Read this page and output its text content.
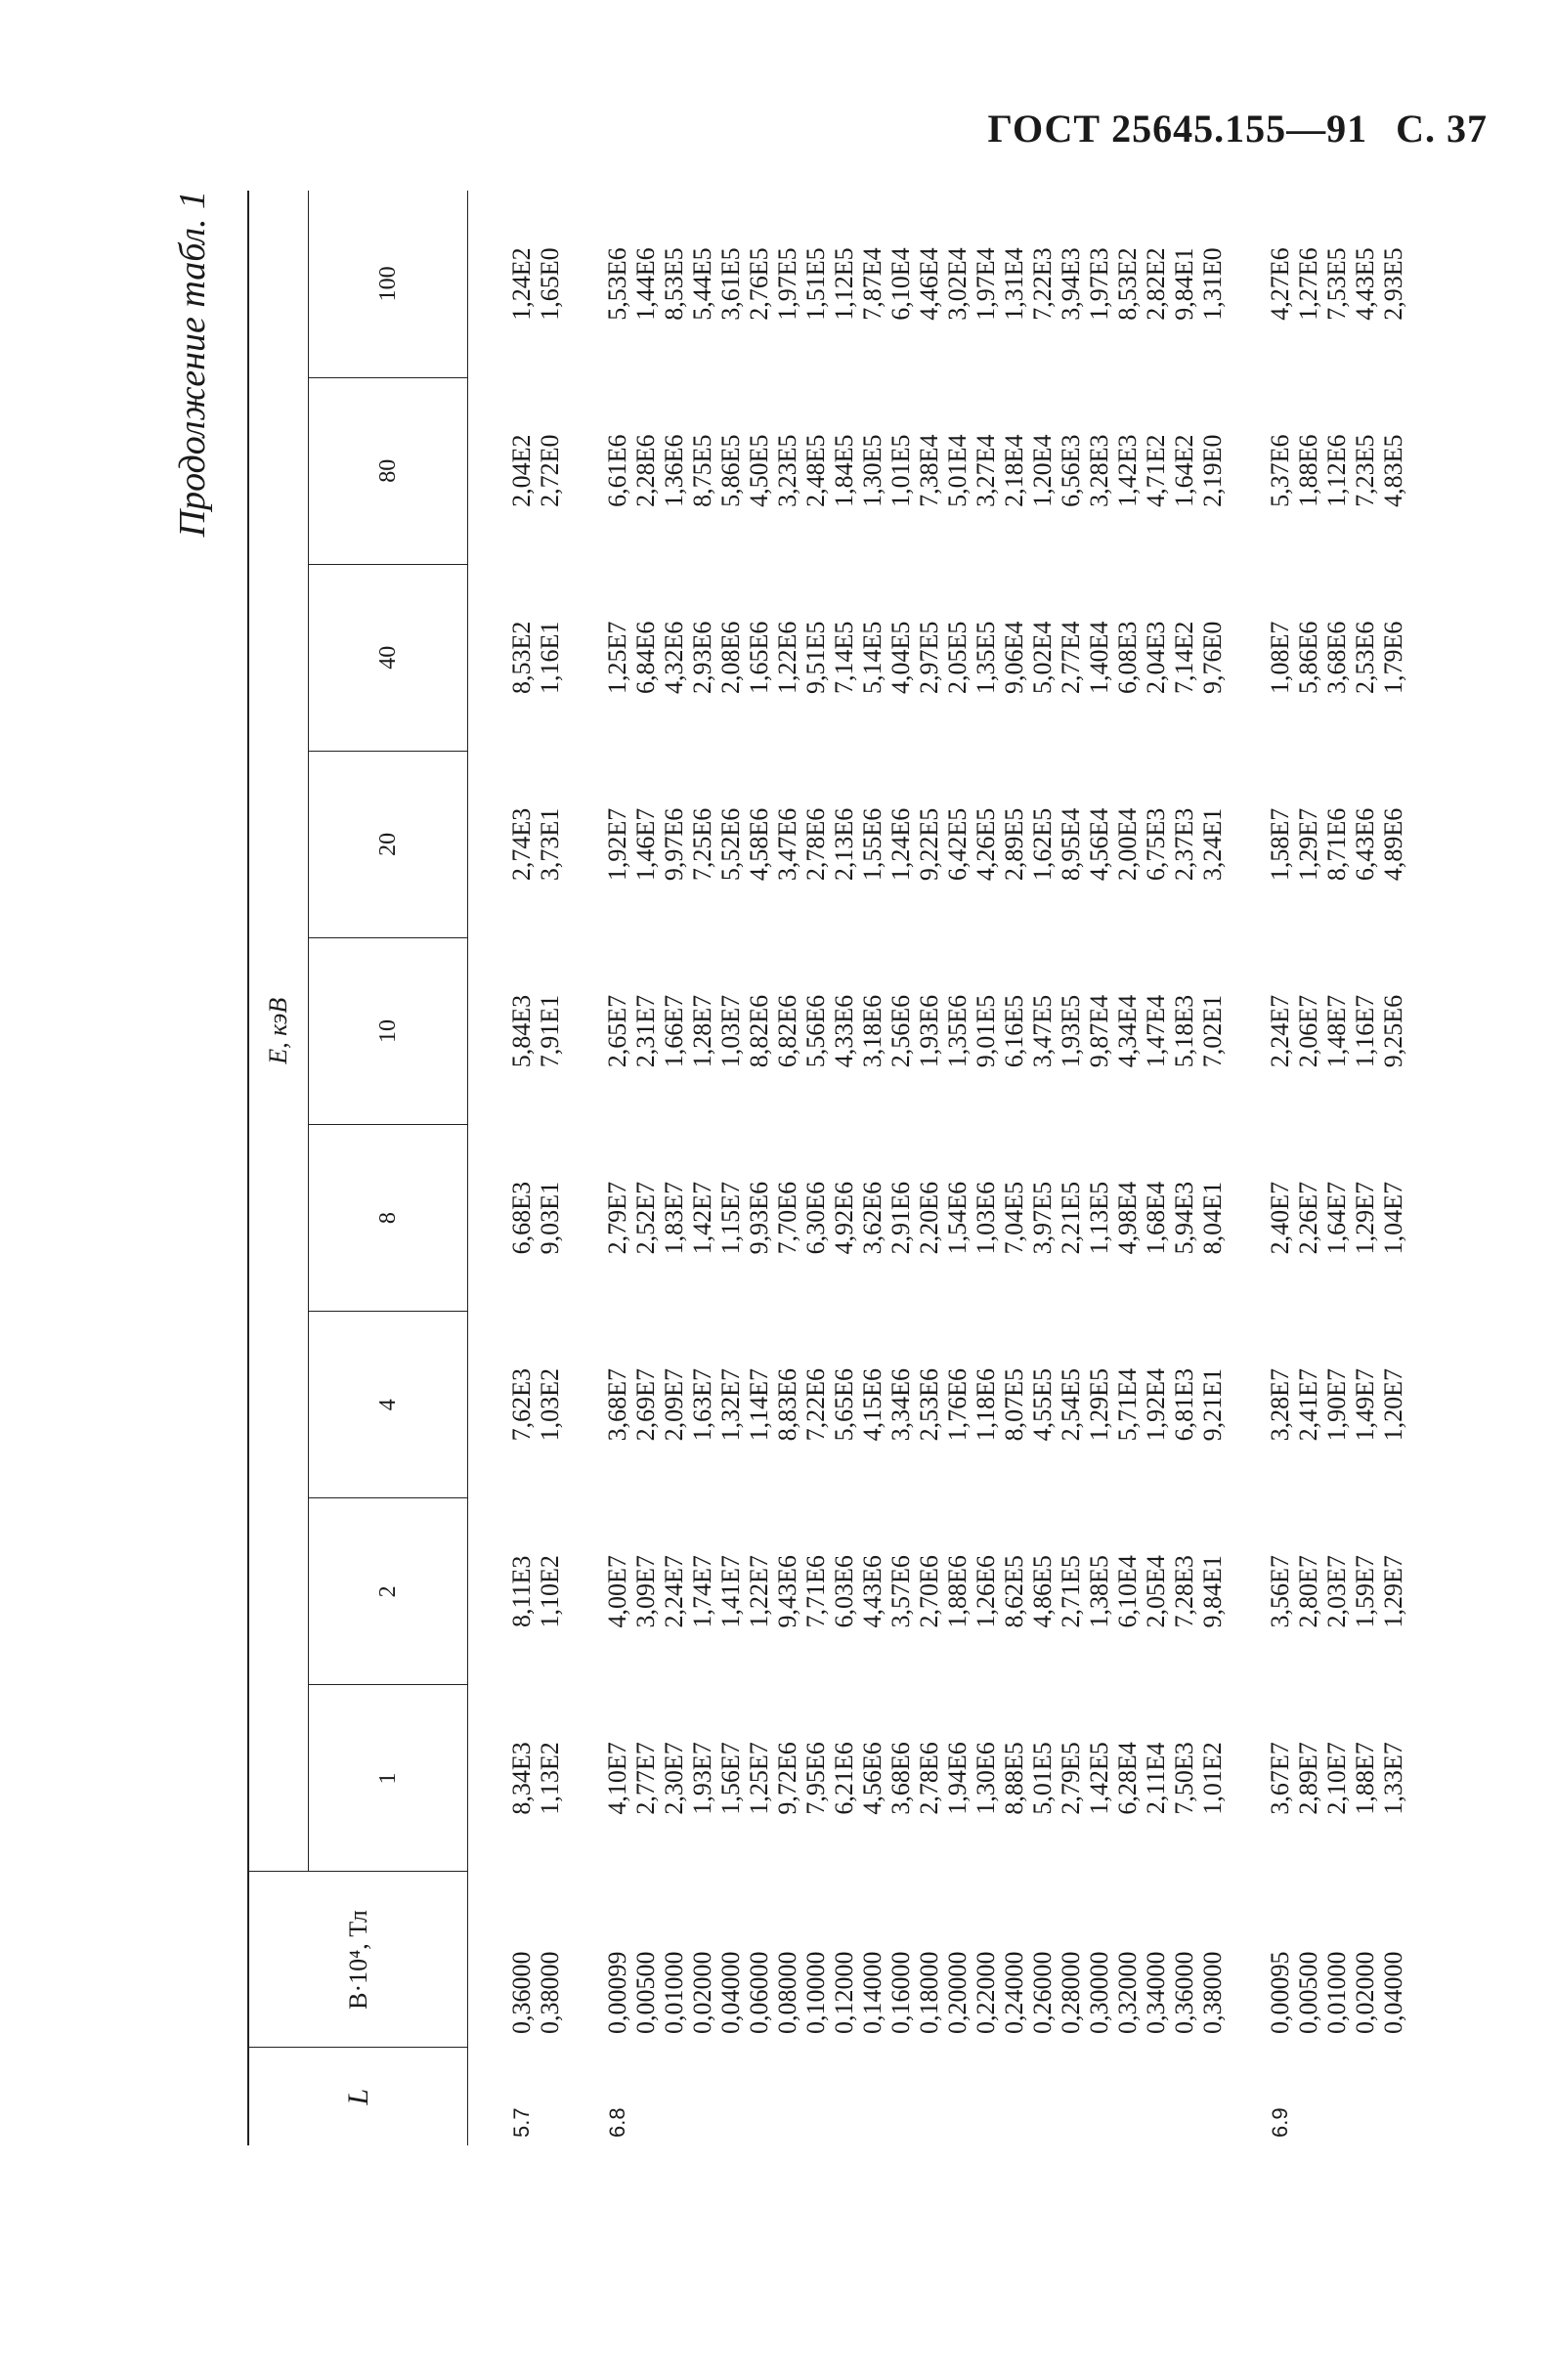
ГОСТ 25645.155—91 С. 37
Продолжение табл. 1
L	B·10⁴, Тл	E, кэВ								
		1	2	4	8	10	20	40	80	100
5.7	0,36000	8,34E3	8,11E3	7,62E3	6,68E3	5,84E3	2,74E3	8,53E2	2,04E2	1,24E2
	0,38000	1,13E2	1,10E2	1,03E2	9,03E1	7,91E1	3,73E1	1,16E1	2,72E0	1,65E0

6.8	0,00099	4,10E7	4,00E7	3,68E7	2,79E7	2,65E7	1,92E7	1,25E7	6,61E6	5,53E6
	0,00500	2,77E7	3,09E7	2,69E7	2,52E7	2,31E7	1,46E7	6,84E6	2,28E6	1,44E6
	0,01000	2,30E7	2,24E7	2,09E7	1,83E7	1,66E7	9,97E6	4,32E6	1,36E6	8,53E5
	0,02000	1,93E7	1,74E7	1,63E7	1,42E7	1,28E7	7,25E6	2,93E6	8,75E5	5,44E5
	0,04000	1,56E7	1,41E7	1,32E7	1,15E7	1,03E7	5,52E6	2,08E6	5,86E5	3,61E5
	0,06000	1,25E7	1,22E7	1,14E7	9,93E6	8,82E6	4,58E6	1,65E6	4,50E5	2,76E5
	0,08000	9,72E6	9,43E6	8,83E6	7,70E6	6,82E6	3,47E6	1,22E6	3,23E5	1,97E5
	0,10000	7,95E6	7,71E6	7,22E6	6,30E6	5,56E6	2,78E6	9,51E5	2,48E5	1,51E5
	0,12000	6,21E6	6,03E6	5,65E6	4,92E6	4,33E6	2,13E6	7,14E5	1,84E5	1,12E5
	0,14000	4,56E6	4,43E6	4,15E6	3,62E6	3,18E6	1,55E6	5,14E5	1,30E5	7,87E4
	0,16000	3,68E6	3,57E6	3,34E6	2,91E6	2,56E6	1,24E6	4,04E5	1,01E5	6,10E4
	0,18000	2,78E6	2,70E6	2,53E6	2,20E6	1,93E6	9,22E5	2,97E5	7,38E4	4,46E4
	0,20000	1,94E6	1,88E6	1,76E6	1,54E6	1,35E6	6,42E5	2,05E5	5,01E4	3,02E4
	0,22000	1,30E6	1,26E6	1,18E6	1,03E6	9,01E5	4,26E5	1,35E5	3,27E4	1,97E4
	0,24000	8,88E5	8,62E5	8,07E5	7,04E5	6,16E5	2,89E5	9,06E4	2,18E4	1,31E4
	0,26000	5,01E5	4,86E5	4,55E5	3,97E5	3,47E5	1,62E5	5,02E4	1,20E4	7,22E3
	0,28000	2,79E5	2,71E5	2,54E5	2,21E5	1,93E5	8,95E4	2,77E4	6,56E3	3,94E3
	0,30000	1,42E5	1,38E5	1,29E5	1,13E5	9,87E4	4,56E4	1,40E4	3,28E3	1,97E3
	0,32000	6,28E4	6,10E4	5,71E4	4,98E4	4,34E4	2,00E4	6,08E3	1,42E3	8,53E2
	0,34000	2,11E4	2,05E4	1,92E4	1,68E4	1,47E4	6,75E3	2,04E3	4,71E2	2,82E2
	0,36000	7,50E3	7,28E3	6,81E3	5,94E3	5,18E3	2,37E3	7,14E2	1,64E2	9,84E1
	0,38000	1,01E2	9,84E1	9,21E1	8,04E1	7,02E1	3,24E1	9,76E0	2,19E0	1,31E0

6.9	0,00095	3,67E7	3,56E7	3,28E7	2,40E7	2,24E7	1,58E7	1,08E7	5,37E6	4,27E6
	0,00500	2,89E7	2,80E7	2,41E7	2,26E7	2,06E7	1,29E7	5,86E6	1,88E6	1,27E6
	0,01000	2,10E7	2,03E7	1,90E7	1,64E7	1,48E7	8,71E6	3,68E6	1,12E6	7,53E5
	0,02000	1,88E7	1,59E7	1,49E7	1,29E7	1,16E7	6,43E6	2,53E6	7,23E5	4,43E5
	0,04000	1,33E7	1,29E7	1,20E7	1,04E7	9,25E6	4,89E6	1,79E6	4,83E5	2,93E5
